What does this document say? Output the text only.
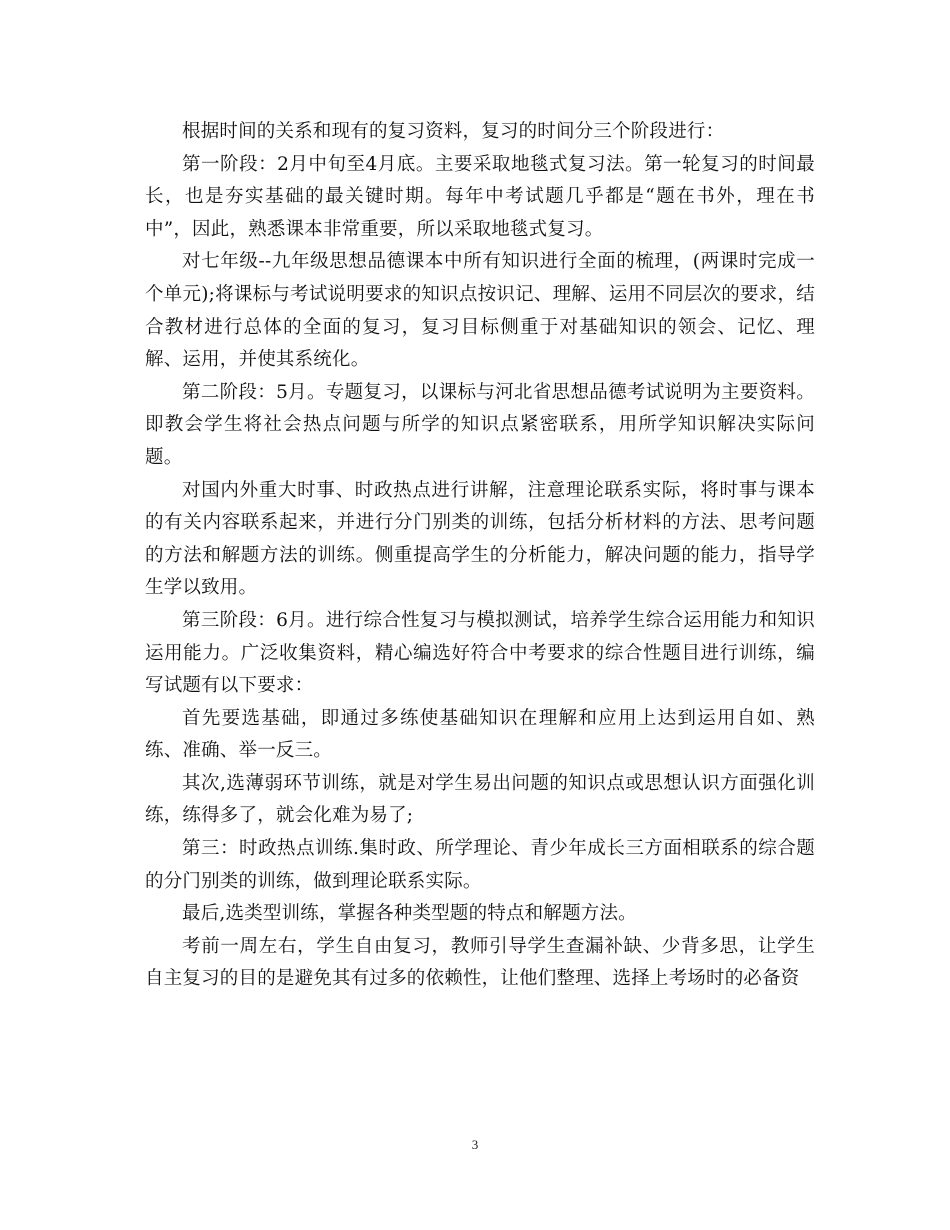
根据时间的关系和现有的复习资料，复习的时间分三个阶段进行：

第一阶段：2月中旬至4月底。主要采取地毯式复习法。第一轮复习的时间最长，也是夯实基础的最关键时期。每年中考试题几乎都是“题在书外，理在书中”，因此，熟悉课本非常重要，所以采取地毯式复习。

对七年级--九年级思想品德课本中所有知识进行全面的梳理，(两课时完成一个单元);将课标与考试说明要求的知识点按识记、理解、运用不同层次的要求，结合教材进行总体的全面的复习，复习目标侧重于对基础知识的领会、记忆、理解、运用，并使其系统化。

第二阶段：5月。专题复习，以课标与河北省思想品德考试说明为主要资料。即教会学生将社会热点问题与所学的知识点紧密联系，用所学知识解决实际问题。

对国内外重大时事、时政热点进行讲解，注意理论联系实际，将时事与课本的有关内容联系起来，并进行分门别类的训练，包括分析材料的方法、思考问题的方法和解题方法的训练。侧重提高学生的分析能力，解决问题的能力，指导学生学以致用。

第三阶段：6月。进行综合性复习与模拟测试，培养学生综合运用能力和知识运用能力。广泛收集资料，精心编选好符合中考要求的综合性题目进行训练，编写试题有以下要求：

首先要选基础，即通过多练使基础知识在理解和应用上达到运用自如、熟练、准确、举一反三。

其次,选薄弱环节训练，就是对学生易出问题的知识点或思想认识方面强化训练，练得多了，就会化难为易了;

第三：时政热点训练.集时政、所学理论、青少年成长三方面相联系的综合题的分门别类的训练，做到理论联系实际。

最后,选类型训练，掌握各种类型题的特点和解题方法。

考前一周左右，学生自由复习，教师引导学生查漏补缺、少背多思，让学生自主复习的目的是避免其有过多的依赖性，让他们整理、选择上考场时的必备资

3
